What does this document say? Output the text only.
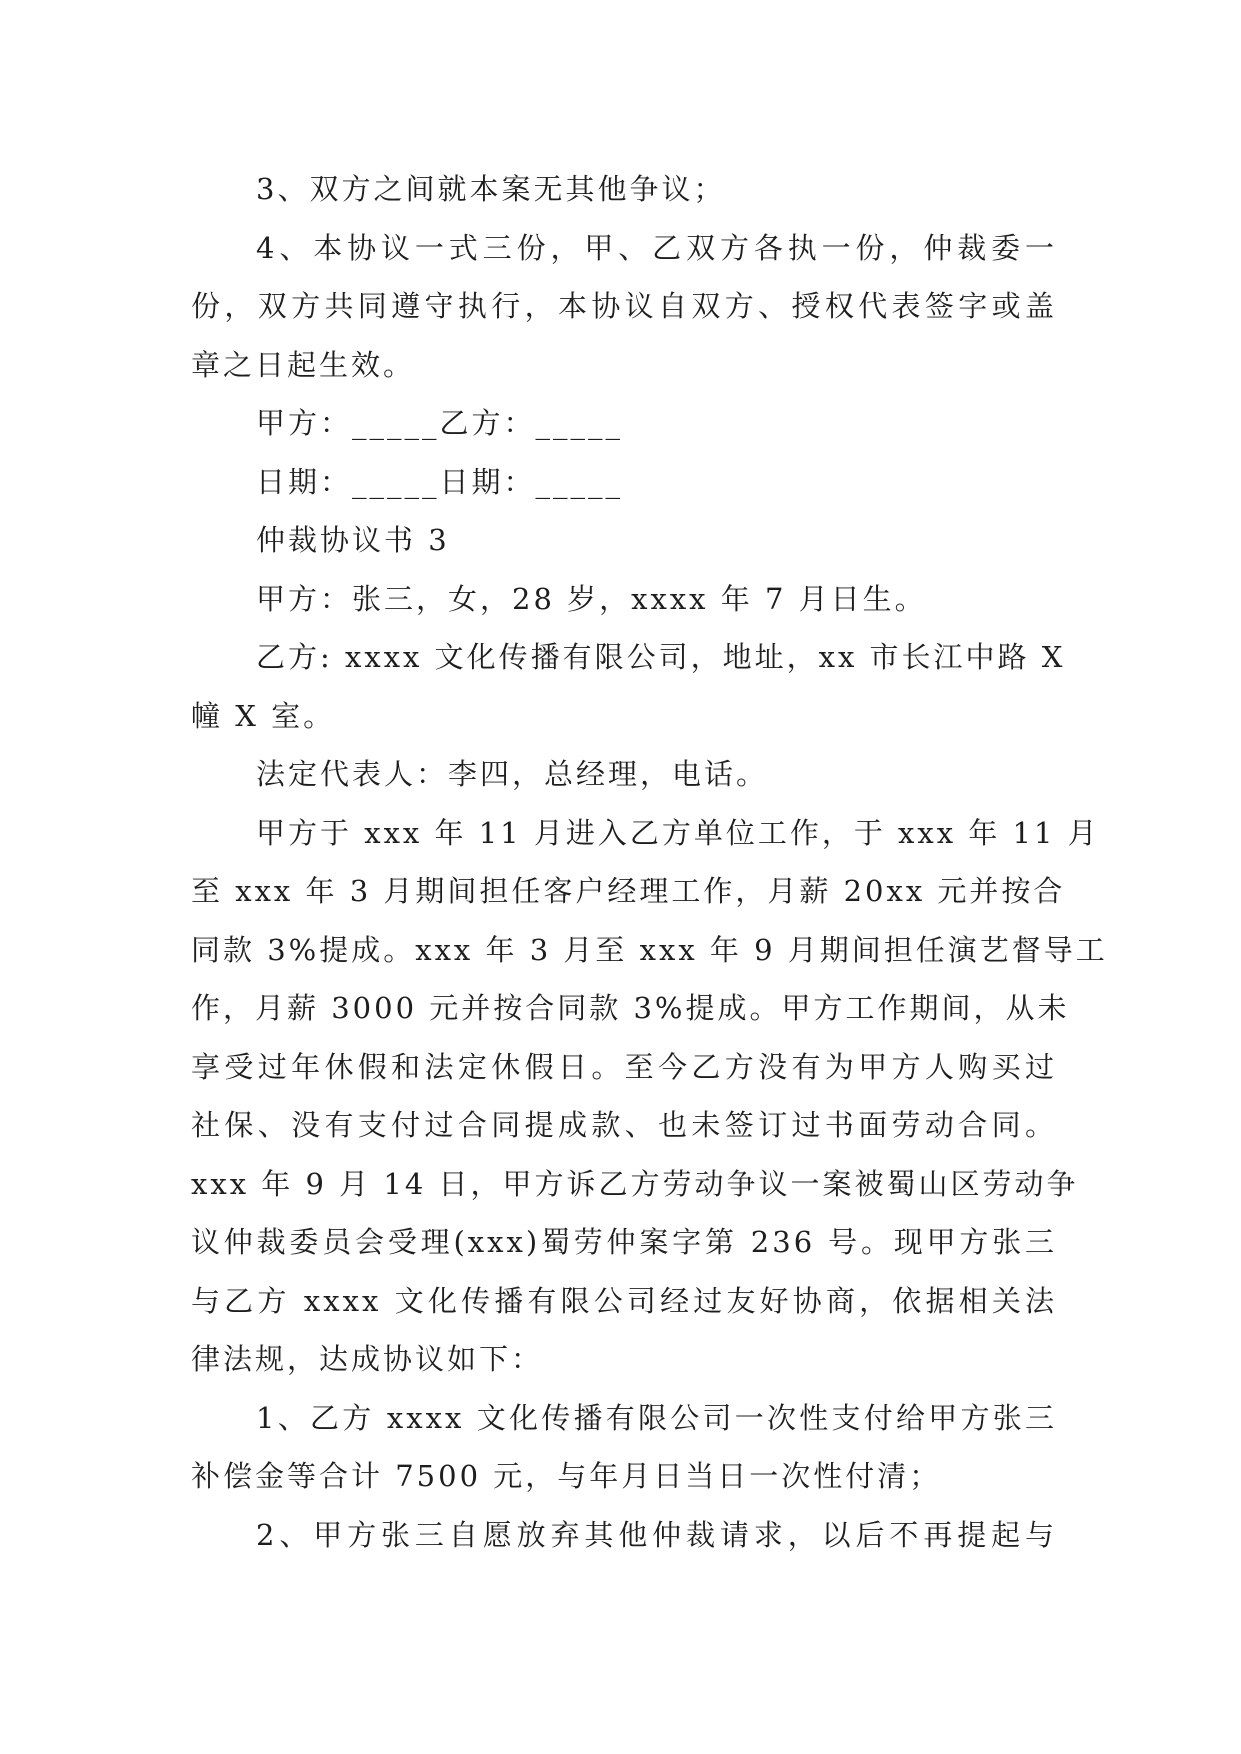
3、双方之间就本案无其他争议；
4、本协议一式三份，甲、乙双方各执一份，仲裁委一
份，双方共同遵守执行，本协议自双方、授权代表签字或盖
章之日起生效。
甲方：_____乙方：_____
日期：_____日期：_____
仲裁协议书 3
甲方：张三，女，28 岁，xxxx 年 7 月日生。
乙方: xxxx 文化传播有限公司，地址，xx 市长江中路 X
幢 X 室。
法定代表人：李四，总经理，电话。
甲方于 xxx 年 11 月进入乙方单位工作，于 xxx 年 11 月
至 xxx 年 3 月期间担任客户经理工作，月薪 20xx 元并按合
同款 3%提成。xxx 年 3 月至 xxx 年 9 月期间担任演艺督导工
作，月薪 3000 元并按合同款 3%提成。甲方工作期间，从未
享受过年休假和法定休假日。至今乙方没有为甲方人购买过
社保、没有支付过合同提成款、也未签订过书面劳动合同。
xxx 年 9 月 14 日，甲方诉乙方劳动争议一案被蜀山区劳动争
议仲裁委员会受理(xxx)蜀劳仲案字第 236 号。现甲方张三
与乙方 xxxx 文化传播有限公司经过友好协商，依据相关法
律法规，达成协议如下：
1、乙方 xxxx 文化传播有限公司一次性支付给甲方张三
补偿金等合计 7500 元，与年月日当日一次性付清；
2、甲方张三自愿放弃其他仲裁请求，以后不再提起与
